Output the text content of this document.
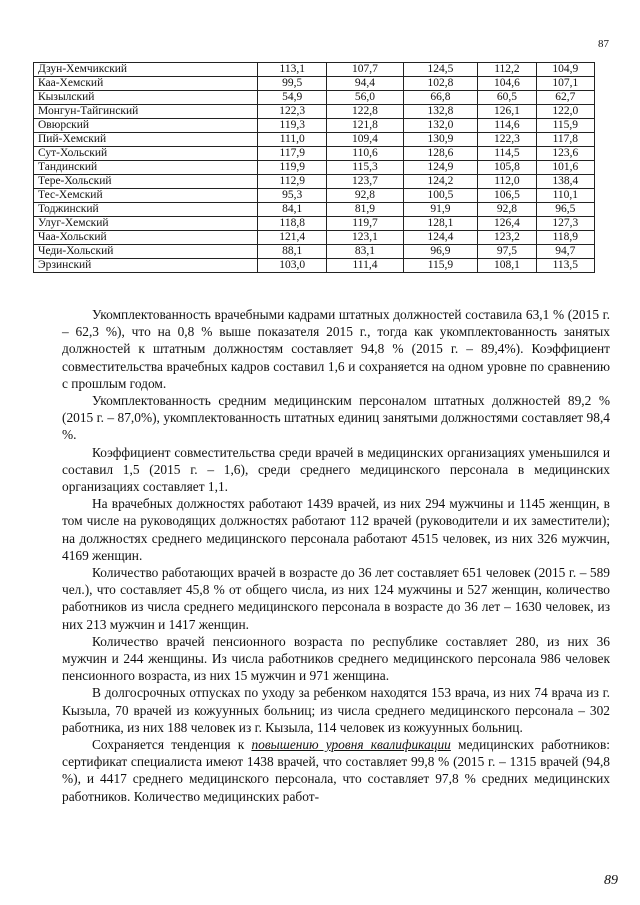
87
Дзун-Хемчикский	113,1	107,7	124,5	112,2	104,9
Каа-Хемский	99,5	94,4	102,8	104,6	107,1
Кызылский	54,9	56,0	66,8	60,5	62,7
Монгун-Тайгинский	122,3	122,8	132,8	126,1	122,0
Овюрский	119,3	121,8	132,0	114,6	115,9
Пий-Хемский	111,0	109,4	130,9	122,3	117,8
Сут-Хольский	117,9	110,6	128,6	114,5	123,6
Тандинский	119,9	115,3	124,9	105,8	101,6
Тере-Хольский	112,9	123,7	124,2	112,0	138,4
Тес-Хемский	95,3	92,8	100,5	106,5	110,1
Тоджинский	84,1	81,9	91,9	92,8	96,5
Улуг-Хемский	118,8	119,7	128,1	126,4	127,3
Чаа-Хольский	121,4	123,1	124,4	123,2	118,9
Чеди-Хольский	88,1	83,1	96,9	97,5	94,7
Эрзинский	103,0	111,4	115,9	108,1	113,5

Укомплектованность врачебными кадрами штатных должностей составила 63,1 % (2015 г. – 62,3 %), что на 0,8 % выше показателя 2015 г., тогда как укомплектованность занятых должностей к штатным должностям составляет 94,8 % (2015 г. – 89,4%). Коэффициент совместительства врачебных кадров составил 1,6 и сохраняется на одном уровне по сравнению с прошлым годом.

Укомплектованность средним медицинским персоналом штатных должностей 89,2 % (2015 г. – 87,0%), укомплектованность штатных единиц занятыми должностями составляет 98,4 %.

Коэффициент совместительства среди врачей в медицинских организациях уменьшился и составил 1,5 (2015 г. – 1,6), среди среднего медицинского персонала в медицинских организациях составляет 1,1.

На врачебных должностях работают 1439 врачей, из них 294 мужчины и 1145 женщин, в том числе на руководящих должностях работают 112 врачей (руководители и их заместители); на должностях среднего медицинского персонала работают 4515 человек, из них 326 мужчин, 4169 женщин.

Количество работающих врачей в возрасте до 36 лет составляет 651 человек (2015 г. – 589 чел.), что составляет 45,8 % от общего числа, из них 124 мужчины и 527 женщин, количество работников из числа среднего медицинского персонала в возрасте до 36 лет – 1630 человек, из них 213 мужчин и 1417 женщин.

Количество врачей пенсионного возраста по республике составляет 280, из них 36 мужчин и 244 женщины. Из числа работников среднего медицинского персонала 986 человек пенсионного возраста, из них 15 мужчин и 971 женщина.

В долгосрочных отпусках по уходу за ребенком находятся 153 врача, из них 74 врача из г. Кызыла, 70 врачей из кожуунных больниц; из числа среднего медицинского персонала – 302 работника, из них 188 человек из г. Кызыла, 114 человек из кожуунных больниц.

Сохраняется тенденция к повышению уровня квалификации медицинских работников: сертификат специалиста имеют 1438 врачей, что составляет 99,8 % (2015 г. – 1315 врачей (94,8 %), и 4417 среднего медицинского персонала, что составляет 97,8 % средних медицинских работников. Количество медицинских работ-

89
